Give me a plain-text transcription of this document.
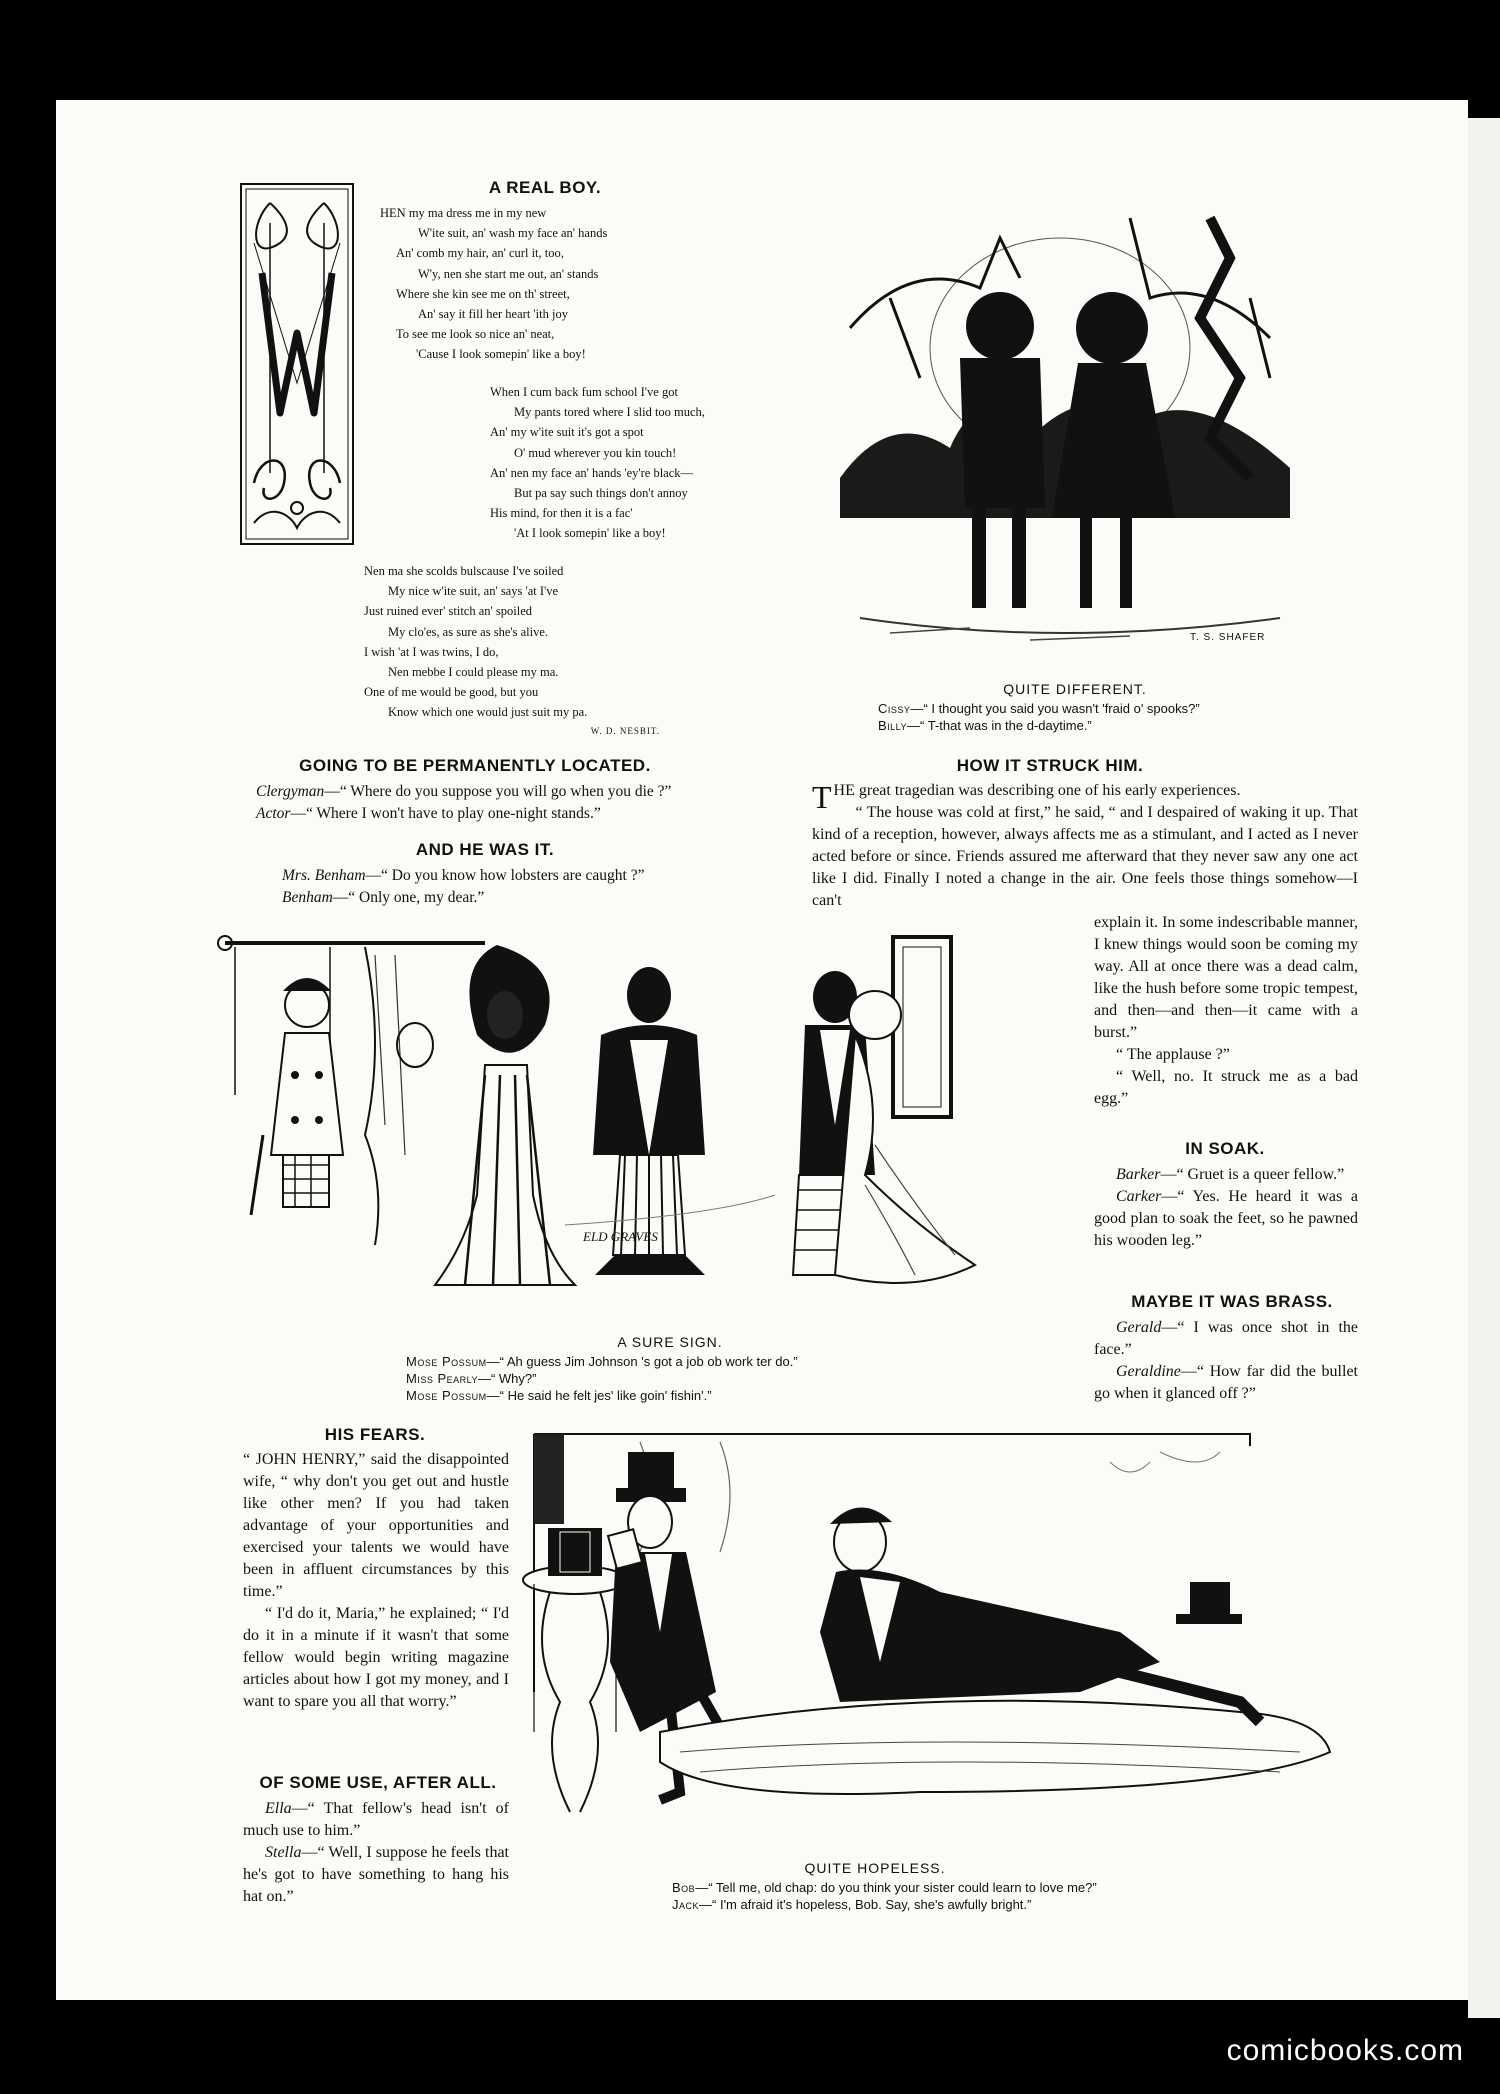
A REAL BOY.
HEN my ma dress me in my new
W'ite suit, an' wash my face an' hands
An' comb my hair, an' curl it, too,
W'y, nen she start me out, an' stands
Where she kin see me on th' street,
An' say it fill her heart 'ith joy
To see me look so nice an' neat,
'Cause I look somepin' like a boy!
When I cum back fum school I've got
My pants tored where I slid too much,
An' my w'ite suit it's got a spot
O' mud wherever you kin touch!
An' nen my face an' hands 'ey're black—
But pa say such things don't annoy
His mind, for then it is a fac'
'At I look somepin' like a boy!
Nen ma she scolds bulscause I've soiled
My nice w'ite suit, an' says 'at I've
Just ruined ever' stitch an' spoiled
My clo'es, as sure as she's alive.
I wish 'at I was twins, I do,
Nen mebbe I could please my ma.
One of me would be good, but you
Know which one would just suit my pa.
W. D. NESBIT.
T. S. SHAFER
QUITE DIFFERENT.
Cissy—“ I thought you said you wasn't 'fraid o' spooks?”
Billy—“ T-that was in the d-daytime.”
GOING TO BE PERMANENTLY LOCATED.
Clergyman—“ Where do you suppose you will go when you die ?”
Actor—“ Where I won't have to play one-night stands.”
AND HE WAS IT.
Mrs. Benham—“ Do you know how lobsters are caught ?”
Benham—“ Only one, my dear.”
HOW IT STRUCK HIM.

THE great tragedian was describing one of his early experiences.

“ The house was cold at first,” he said, “ and I despaired of waking it up. That kind of a reception, however, always affects me as a stimulant, and I acted as I never acted before or since. Friends assured me afterward that they never saw any one act like I did. Finally I noted a change in the air. One feels those things somehow—I can't

explain it. In some indescribable manner, I knew things would soon be coming my way. All at once there was a dead calm, like the hush before some tropic tempest, and then—and then—it came with a burst.”

“ The applause ?”

“ Well, no. It struck me as a bad egg.”

IN SOAK.

Barker—“ Gruet is a queer fellow.”

Carker—“ Yes. He heard it was a good plan to soak the feet, so he pawned his wooden leg.”

MAYBE IT WAS BRASS.

Gerald—“ I was once shot in the face.”

Geraldine—“ How far did the bullet go when it glanced off ?”

ELD GRAVES
A SURE SIGN.
Mose Possum—“ Ah guess Jim Johnson 's got a job ob work ter do.”
Miss Pearly—“ Why?”
Mose Possum—“ He said he felt jes' like goin' fishin'.”
HIS FEARS.

“ JOHN HENRY,” said the disappointed wife, “ why don't you get out and hustle like other men? If you had taken advantage of your opportunities and exercised your talents we would have been in affluent circumstances by this time.”

“ I'd do it, Maria,” he explained; “ I'd do it in a minute if it wasn't that some fellow would begin writing magazine articles about how I got my money, and I want to spare you all that worry.”

OF SOME USE, AFTER ALL.

Ella—“ That fellow's head isn't of much use to him.”

Stella—“ Well, I suppose he feels that he's got to have something to hang his hat on.”

QUITE HOPELESS.
Bob—“ Tell me, old chap: do you think your sister could learn to love me?”
Jack—“ I'm afraid it's hopeless, Bob. Say, she's awfully bright.”
comicbooks.com
